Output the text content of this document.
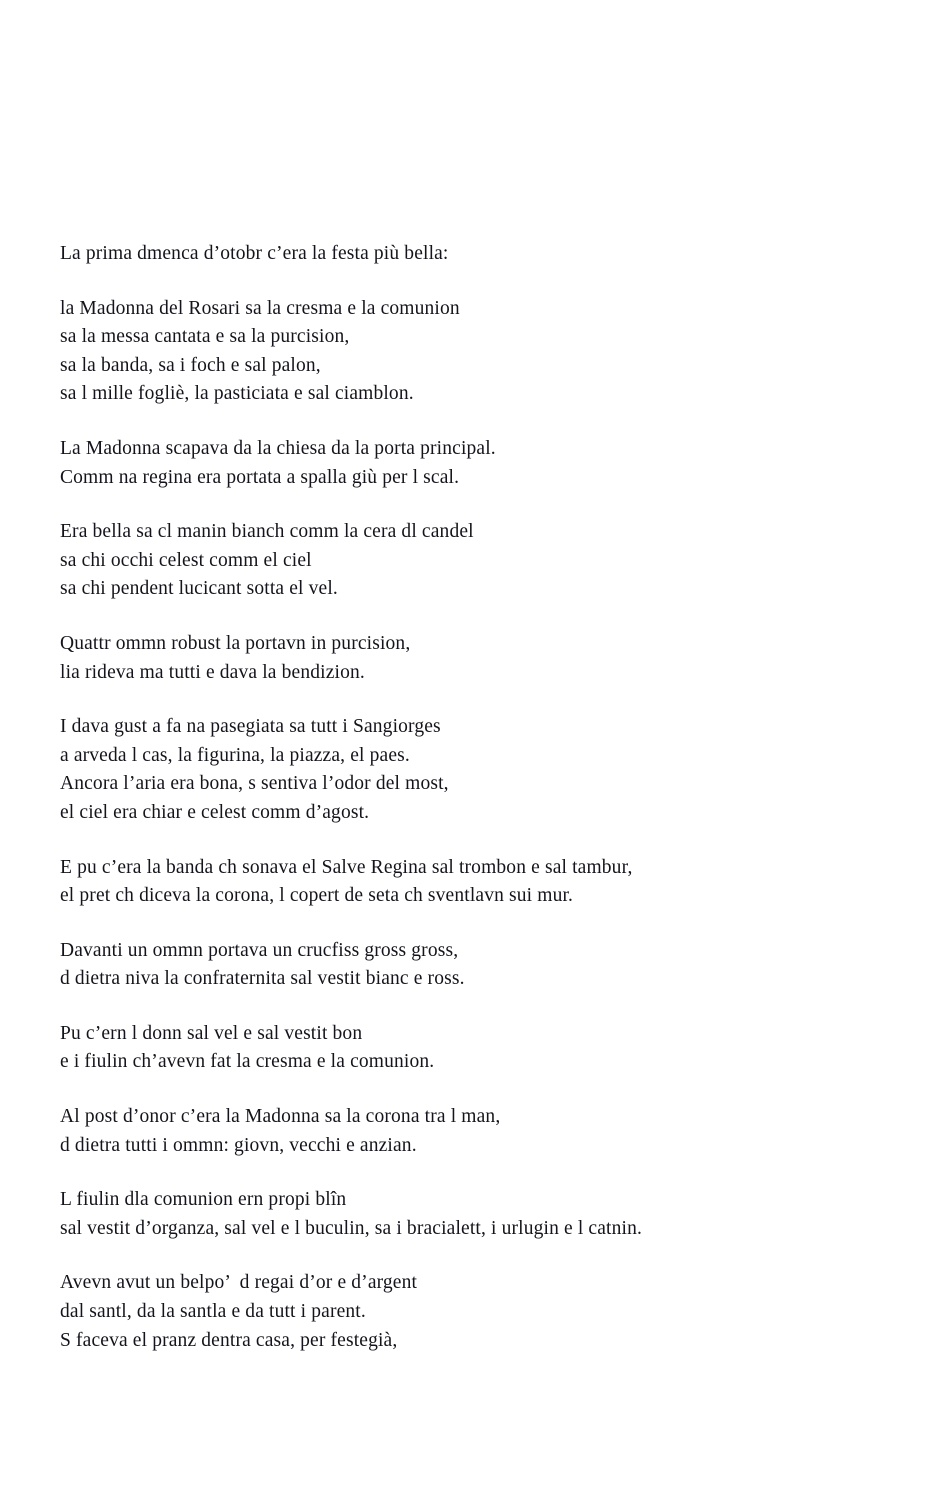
La prima dmenca d’otobr c’era la festa più bella:

la Madonna del Rosari sa la cresma e la comunion
sa la messa cantata e sa la purcision,
sa la banda, sa i foch e sal palon,
sa l mille fogliè, la pasticiata e sal ciamblon.

La Madonna scapava da la chiesa da la porta principal.
Comm na regina era portata a spalla giù per l scal.

Era bella sa cl manin bianch comm la cera dl candel
sa chi occhi celest comm el ciel
sa chi pendent lucicant sotta el vel.

Quattr ommn robust la portavn in purcision,
lia rideva ma tutti e dava la bendizion.

I dava gust a fa na pasegiata sa tutt i Sangiorges
a arveda l cas, la figurina, la piazza, el paes.
Ancora l’aria era bona, s sentiva l’odor del most,
el ciel era chiar e celest comm d’agost.

E pu c’era la banda ch sonava el Salve Regina sal trombon e sal tambur,
el pret ch diceva la corona, l copert de seta ch sventlavn sui mur.

Davanti un ommn portava un crucfiss gross gross,
d dietra niva la confraternita sal vestit bianc e ross.

Pu c’ern l donn sal vel e sal vestit bon
e i fiulin ch’avevn fat la cresma e la comunion.

Al post d’onor c’era la Madonna sa la corona tra l man,
d dietra tutti i ommn: giovn, vecchi e anzian.

L fiulin dla comunion ern propi blîn
sal vestit d’organza, sal vel e l buculin, sa i bracialett, i urlugin e l catnin.

Avevn avut un belpo’  d regai d’or e d’argent
dal santl, da la santla e da tutt i parent.
S faceva el pranz dentra casa, per festegià,
